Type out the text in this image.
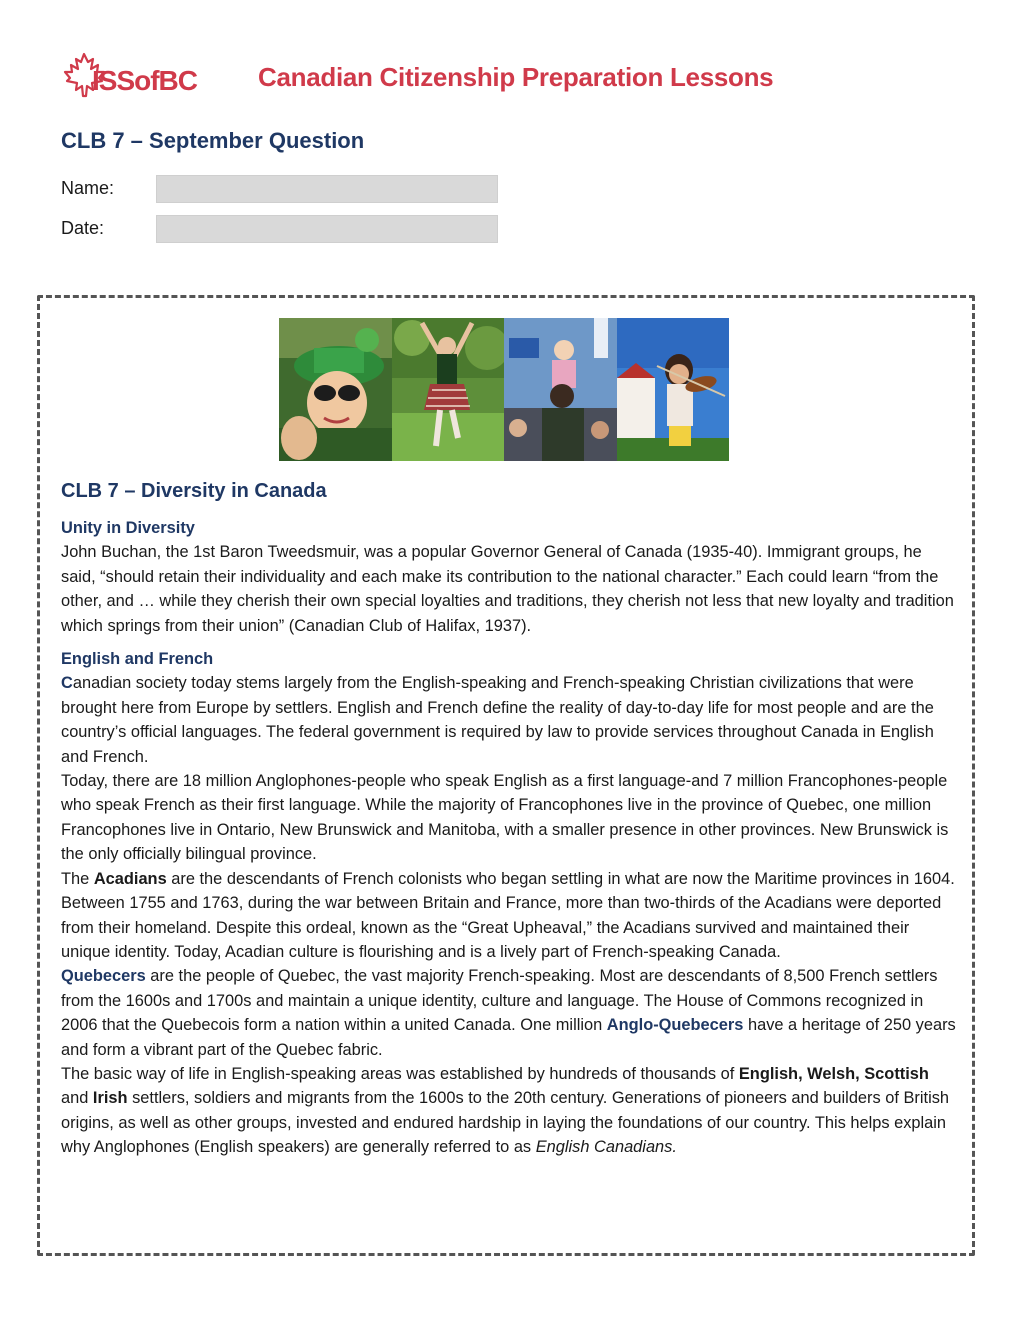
ISSofBC Canadian Citizenship Preparation Lessons
CLB 7 – September Question
Name:
Date:
CLB 7 – Diversity in Canada

Unity in Diversity

John Buchan, the 1st Baron Tweedsmuir, was a popular Governor General of Canada (1935-40). Immigrant groups, he said, “should retain their individuality and each make its contribution to the national character.” Each could learn “from the other, and … while they cherish their own special loyalties and traditions, they cherish not less that new loyalty and tradition which springs from their union” (Canadian Club of Halifax, 1937).

English and French

Canadian society today stems largely from the English-speaking and French-speaking Christian civilizations that were brought here from Europe by settlers. English and French define the reality of day-to-day life for most people and are the country’s official languages. The federal government is required by law to provide services throughout Canada in English and French.

Today, there are 18 million Anglophones-people who speak English as a first language-and 7 million Francophones-people who speak French as their first language. While the majority of Francophones live in the province of Quebec, one million Francophones live in Ontario, New Brunswick and Manitoba, with a smaller presence in other provinces. New Brunswick is the only officially bilingual province.

The Acadians are the descendants of French colonists who began settling in what are now the Maritime provinces in 1604. Between 1755 and 1763, during the war between Britain and France, more than two-thirds of the Acadians were deported from their homeland. Despite this ordeal, known as the “Great Upheaval,” the Acadians survived and maintained their unique identity. Today, Acadian culture is flourishing and is a lively part of French-speaking Canada.

Quebecers are the people of Quebec, the vast majority French-speaking. Most are descendants of 8,500 French settlers from the 1600s and 1700s and maintain a unique identity, culture and language. The House of Commons recognized in 2006 that the Quebecois form a nation within a united Canada. One million Anglo-Quebecers have a heritage of 250 years and form a vibrant part of the Quebec fabric.

The basic way of life in English-speaking areas was established by hundreds of thousands of English, Welsh, Scottish and Irish settlers, soldiers and migrants from the 1600s to the 20th century. Generations of pioneers and builders of British origins, as well as other groups, invested and endured hardship in laying the foundations of our country. This helps explain why Anglophones (English speakers) are generally referred to as English Canadians.
